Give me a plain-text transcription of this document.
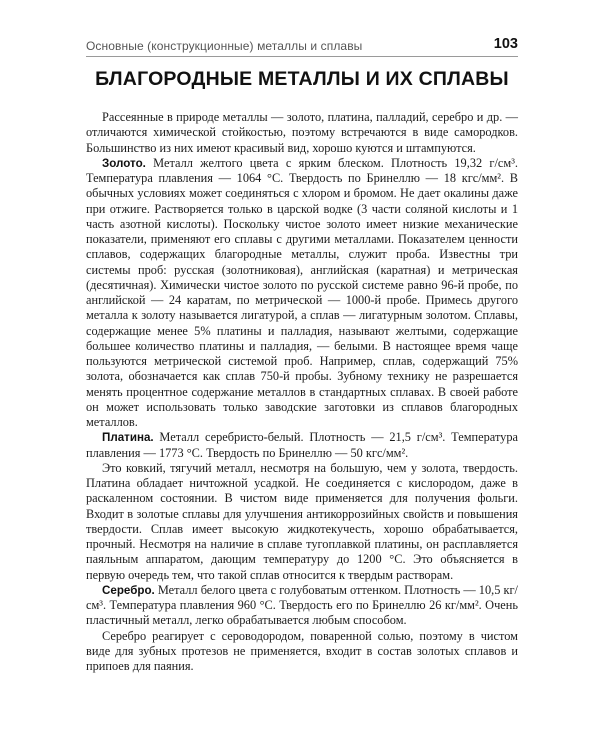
Основные (конструкционные) металлы и сплавы	103
БЛАГОРОДНЫЕ МЕТАЛЛЫ И ИХ СПЛАВЫ

Рассеянные в природе металлы — золото, платина, палладий, серебро и др. — отличаются химической стойкостью, поэтому встречаются в виде самородков. Большинство из них имеют красивый вид, хорошо куются и штампуются.

Золото. Металл желтого цвета с ярким блеском. Плотность 19,32 г/см³. Температура плавления — 1064 °С. Твердость по Бринеллю — 18 кгс/мм². В обычных условиях может соединяться с хлором и бромом. Не дает окалины даже при отжиге. Растворяется только в царской водке (3 части соляной кислоты и 1 часть азотной кислоты). Поскольку чистое золото имеет низкие механические показатели, применяют его сплавы с другими металлами. Показателем ценности сплавов, содержащих благородные металлы, служит проба. Известны три системы проб: русская (золотниковая), английская (каратная) и метрическая (десятичная). Химически чистое золото по русской системе равно 96-й пробе, по английской — 24 каратам, по метрической — 1000-й пробе. Примесь другого металла к золоту называется лигатурой, а сплав — лигатурным золотом. Сплавы, содержащие менее 5% платины и палладия, называют желтыми, содержащие большее количество платины и палладия, — белыми. В настоящее время чаще пользуются метрической системой проб. Например, сплав, содержащий 75% золота, обозначается как сплав 750-й пробы. Зубному технику не разрешается менять процентное содержание металлов в стандартных сплавах. В своей работе он может использовать только заводские заготовки из сплавов благородных металлов.

Платина. Металл серебристо-белый. Плотность — 21,5 г/см³. Температура плавления — 1773 °С. Твердость по Бринеллю — 50 кгс/мм².

Это ковкий, тягучий металл, несмотря на большую, чем у золота, твердость. Платина обладает ничтожной усадкой. Не соединяется с кислородом, даже в раскаленном состоянии. В чистом виде применяется для получения фольги. Входит в золотые сплавы для улучшения антикоррозийных свойств и повышения твердости. Сплав имеет высокую жидкотекучесть, хорошо обрабатывается, прочный. Несмотря на наличие в сплаве тугоплавкой платины, он расплавляется паяльным аппаратом, дающим температуру до 1200 °С. Это объясняется в первую очередь тем, что такой сплав относится к твердым растворам.

Серебро. Металл белого цвета с голубоватым оттенком. Плотность — 10,5 кг/см³. Температура плавления 960 °С. Твердость его по Бринеллю 26 кг/мм². Очень пластичный металл, легко обрабатывается любым способом.

Серебро реагирует с сероводородом, поваренной солью, поэтому в чистом виде для зубных протезов не применяется, входит в состав золотых сплавов и припоев для паяния.
